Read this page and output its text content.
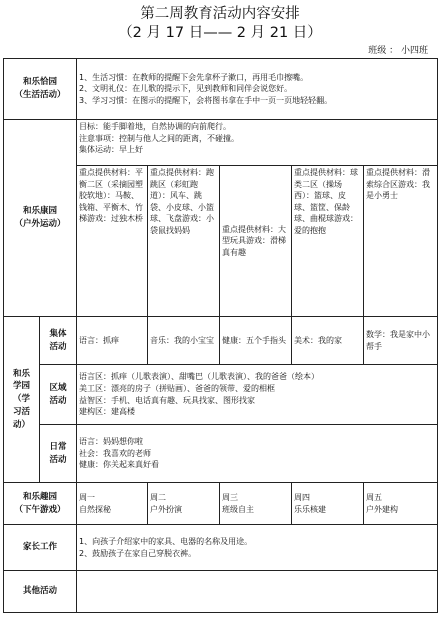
第二周教育活动内容安排
（2 月 17 日—— 2 月 21 日）
班级 ： 小四班
和乐恰园
（生活活动）		1、生活习惯：在教师的提醒下会先拿杯子漱口，再用毛巾擦嘴。
2、文明礼仪：在儿歌的提示下，见到教师和同伴会说您好。
3、学习习惯：在图示的提醒下，会将图书拿在手中一页一页地轻轻翻。				

和乐康园
（户外运动）		目标：能手脚着地，自然协调的向前爬行。
注意事项：控制与他人之间的距离，不碰撞。
集体运动：早上好				

		重点提供材料：平衡二区（采摘园塑胶软地）：马鞍、钱箱、平衡木、竹梯游戏：过独木桥	重点提供材料：跑跳区（彩虹跑道）：风车、跳袋、小皮球、小篮球、飞盘游戏：小袋鼠找妈妈	重点提供材料：大型玩具游戏：滑梯真有趣	重点提供材料：球类二区（操场西）：篮球、皮球、篮筐、保龄球、曲棍球游戏：爱的抱抱	重点提供材料：滑索综合区游戏：我是小勇士

和乐
学园
（学
习活
动）	集体
活动	语言：抓痒	音乐：我的小宝宝	健康：五个手指头	美术：我的家	数学：我是家中小帮手

	区域
活动	语言区：抓痒（儿歌表演）、甜嘴巴（儿歌表演）、我的爸爸（绘本）
美工区：漂亮的房子（拼贴画）、爸爸的领带、爱的相框
益智区：手机、电话真有趣、玩具找家、图形找家
建构区：建高楼				

	日常
活动	语言：妈妈想你啦
社会：我喜欢的老师
健康：你关起来真好看				

和乐趣园
（下午游戏）		周一
自然探秘	周二
户外扮演	周三
班级自主	周四
乐乐核建	周五
户外建构

家长工作		1、向孩子介绍家中的家具、电器的名称及用途。
2、鼓励孩子在家自己穿脱衣裤。				

其他活动						
